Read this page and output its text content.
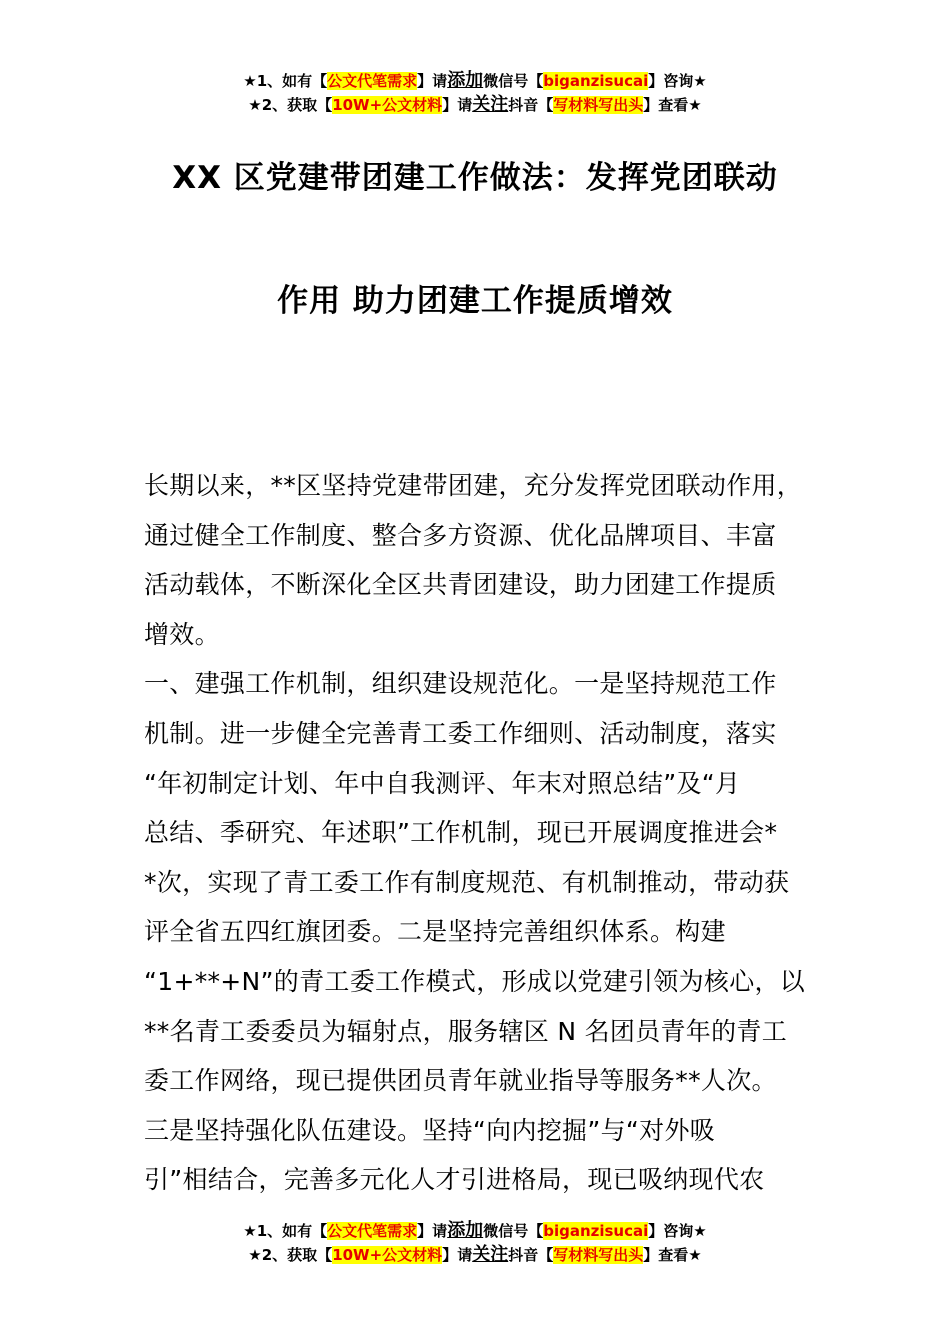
★1、如有【公文代笔需求】请添加微信号【biganzisucai】咨询★
★2、获取【10W+公文材料】请关注抖音【写材料写出头】查看★
XX 区党建带团建工作做法：发挥党团联动
作用 助力团建工作提质增效
长期以来，**区坚持党建带团建，充分发挥党团联动作用，
通过健全工作制度、整合多方资源、优化品牌项目、丰富
活动载体，不断深化全区共青团建设，助力团建工作提质
增效。
一、建强工作机制，组织建设规范化。一是坚持规范工作
机制。进一步健全完善青工委工作细则、活动制度，落实
“年初制定计划、年中自我测评、年末对照总结”及“月
总结、季研究、年述职”工作机制，现已开展调度推进会*
*次，实现了青工委工作有制度规范、有机制推动，带动获
评全省五四红旗团委。二是坚持完善组织体系。构建
“1+**+N”的青工委工作模式，形成以党建引领为核心，以
**名青工委委员为辐射点，服务辖区 N 名团员青年的青工
委工作网络，现已提供团员青年就业指导等服务**人次。
三是坚持强化队伍建设。坚持“向内挖掘”与“对外吸
引”相结合，完善多元化人才引进格局，现已吸纳现代农
★1、如有【公文代笔需求】请添加微信号【biganzisucai】咨询★
★2、获取【10W+公文材料】请关注抖音【写材料写出头】查看★
